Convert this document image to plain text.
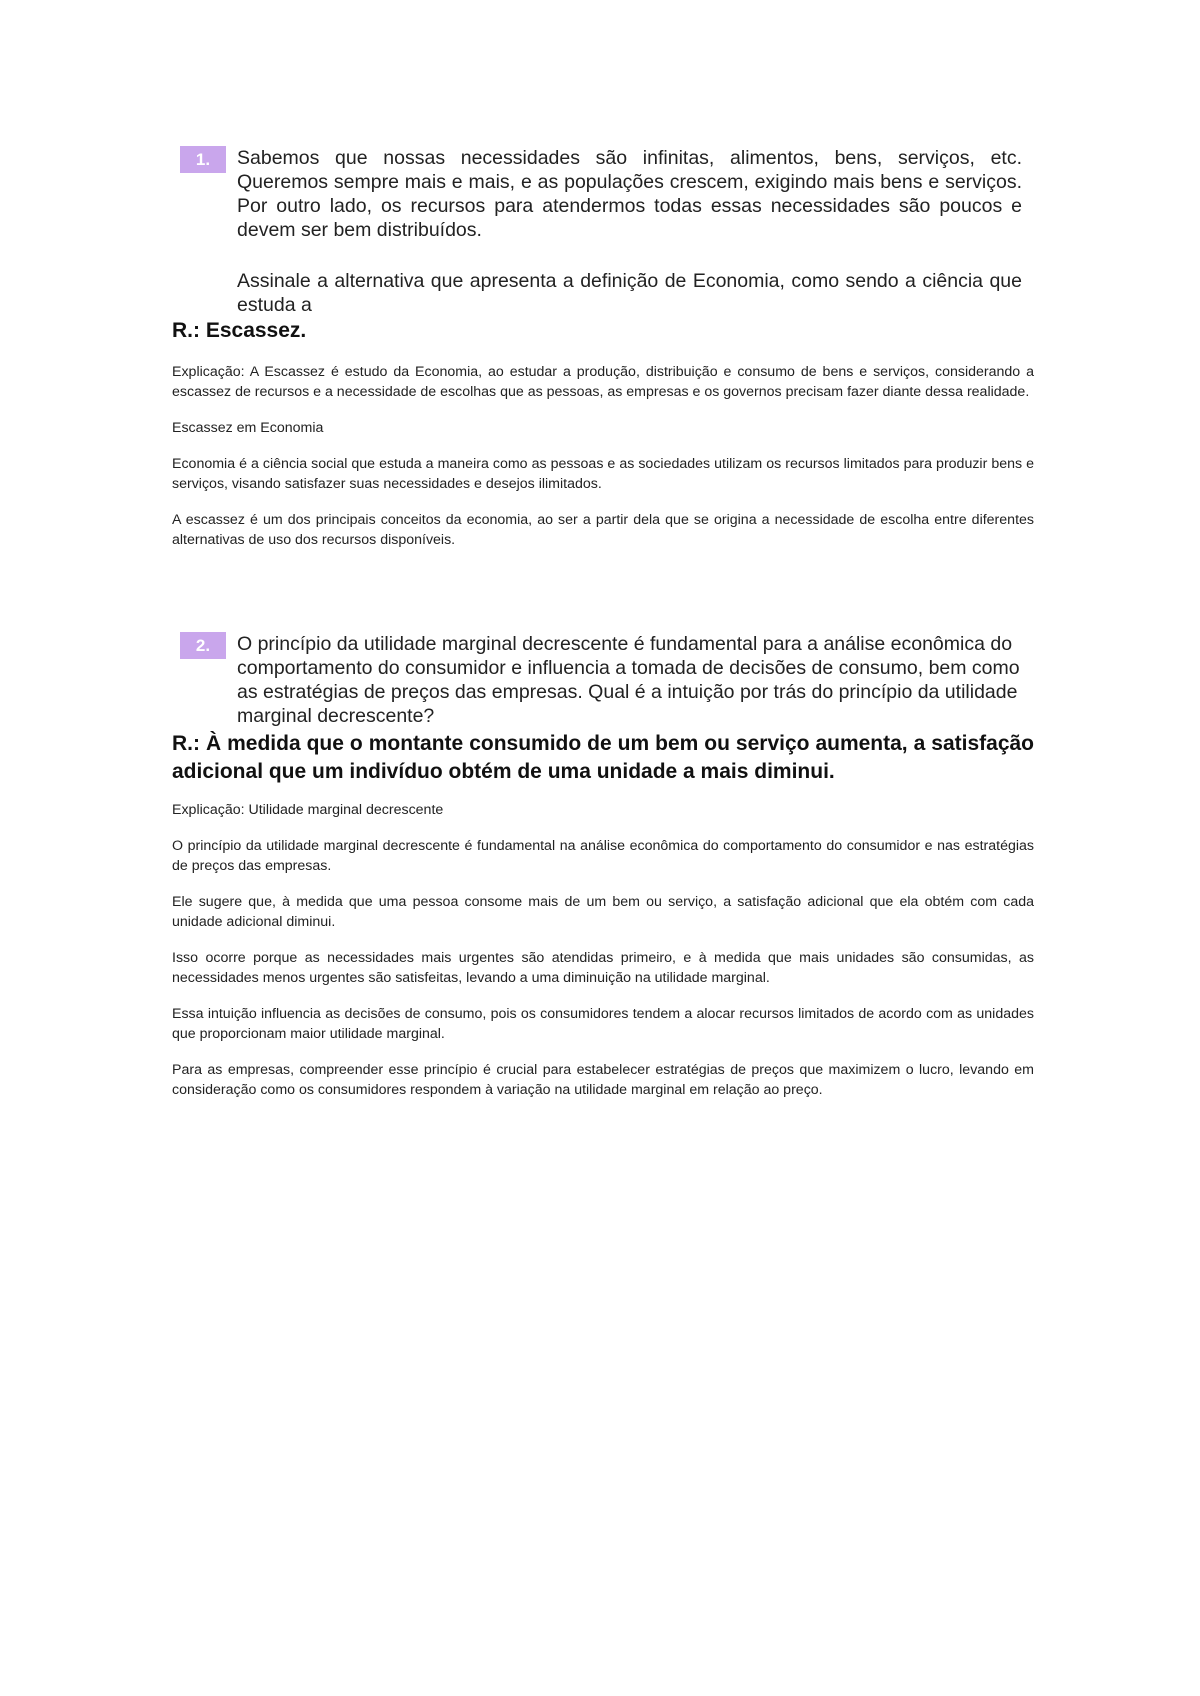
1.	Sabemos que nossas necessidades são infinitas, alimentos, bens, serviços, etc. Queremos sempre mais e mais, e as populações crescem, exigindo mais bens e serviços. Por outro lado, os recursos para atendermos todas essas necessidades são poucos e devem ser bem distribuídos.

Assinale a alternativa que apresenta a definição de Economia, como sendo a ciência que estuda a

R.: Escassez.

Explicação: A Escassez é estudo da Economia, ao estudar a produção, distribuição e consumo de bens e serviços, considerando a escassez de recursos e a necessidade de escolhas que as pessoas, as empresas e os governos precisam fazer diante dessa realidade.

Escassez em Economia

Economia é a ciência social que estuda a maneira como as pessoas e as sociedades utilizam os recursos limitados para produzir bens e serviços, visando satisfazer suas necessidades e desejos ilimitados.

A escassez é um dos principais conceitos da economia, ao ser a partir dela que se origina a necessidade de escolha entre diferentes alternativas de uso dos recursos disponíveis.

2.	O princípio da utilidade marginal decrescente é fundamental para a análise econômica do comportamento do consumidor e influencia a tomada de decisões de consumo, bem como as estratégias de preços das empresas. Qual é a intuição por trás do princípio da utilidade marginal decrescente?

R.: À medida que o montante consumido de um bem ou serviço aumenta, a satisfação adicional que um indivíduo obtém de uma unidade a mais diminui.

Explicação: Utilidade marginal decrescente

O princípio da utilidade marginal decrescente é fundamental na análise econômica do comportamento do consumidor e nas estratégias de preços das empresas.

Ele sugere que, à medida que uma pessoa consome mais de um bem ou serviço, a satisfação adicional que ela obtém com cada unidade adicional diminui.

Isso ocorre porque as necessidades mais urgentes são atendidas primeiro, e à medida que mais unidades são consumidas, as necessidades menos urgentes são satisfeitas, levando a uma diminuição na utilidade marginal.

Essa intuição influencia as decisões de consumo, pois os consumidores tendem a alocar recursos limitados de acordo com as unidades que proporcionam maior utilidade marginal.

Para as empresas, compreender esse princípio é crucial para estabelecer estratégias de preços que maximizem o lucro, levando em consideração como os consumidores respondem à variação na utilidade marginal em relação ao preço.
